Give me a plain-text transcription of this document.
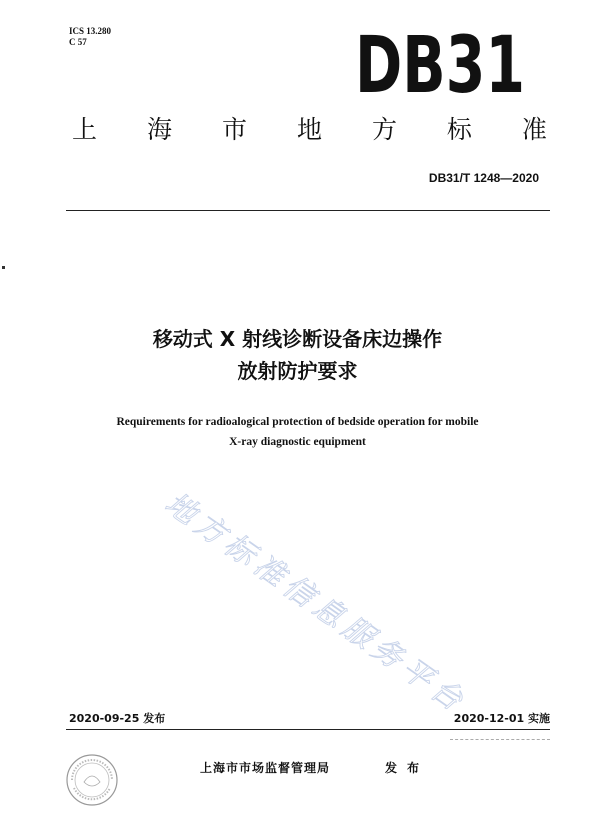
ICS 13.280
C 57	DB31
上 海 市 地 方 标 准
DB31/T 1248—2020
移动式 X 射线诊断设备床边操作
放射防护要求
Requirements for radioalogical protection of bedside operation for mobile
X-ray diagnostic equipment
地方标准信息服务平台
2020-09-25 发布	2020-12-01 实施
上海市市场监督管理局	发布
